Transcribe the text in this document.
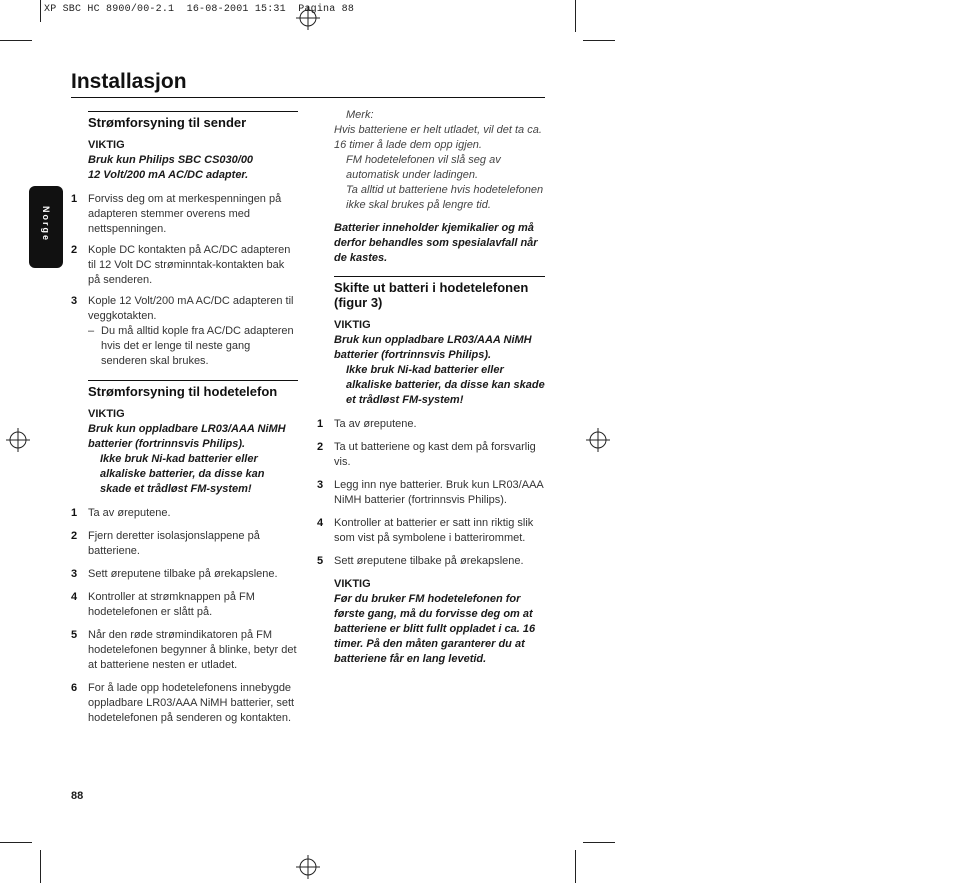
XP SBC HC 8900/00-2.1  16-08-2001 15:31  Pagina 88
Norge
Installasjon
Strømforsyning til sender
VIKTIG
Bruk kun Philips SBC CS030/00
12 Volt/200 mA AC/DC adapter.
1 Forviss deg om at merkespenningen på adapteren stemmer overens med nettspenningen.
2 Kople DC kontakten på AC/DC adapteren til 12 Volt DC strøminntak-kontakten bak på senderen.
3 Kople 12 Volt/200 mA AC/DC adapteren til veggkotakten.
– Du må alltid kople fra AC/DC adapteren hvis det er lenge til neste gang senderen skal brukes.
Strømforsyning til hodetelefon
VIKTIG
Bruk kun oppladbare LR03/AAA NiMH batterier (fortrinnsvis Philips).
Ikke bruk Ni-kad batterier eller alkaliske batterier, da disse kan skade et trådløst FM-system!
1 Ta av øreputene.
2 Fjern deretter isolasjonslappene på batteriene.
3 Sett øreputene tilbake på ørekapslene.
4 Kontroller at strømknappen på FM hodetelefonen er slått på.
5 Når den røde strømindikatoren på FM hodetelefonen begynner å blinke, betyr det at batteriene nesten er utladet.
6 For å lade opp hodetelefonens innebygde oppladbare LR03/AAA NiMH batterier, sett hodetelefonen på senderen og kontakten.
Merk:
Hvis batteriene er helt utladet, vil det ta ca. 16 timer å lade dem opp igjen.
FM hodetelefonen vil slå seg av automatisk under ladingen.
Ta alltid ut batteriene hvis hodetelefonen ikke skal brukes på lengre tid.
Batterier inneholder kjemikalier og må derfor behandles som spesialavfall når de kastes.
Skifte ut batteri i hodetelefonen (figur 3)
VIKTIG
Bruk kun oppladbare LR03/AAA NiMH batterier (fortrinnsvis Philips).
Ikke bruk Ni-kad batterier eller alkaliske batterier, da disse kan skade et trådløst FM-system!
1 Ta av øreputene.
2 Ta ut batteriene og kast dem på forsvarlig vis.
3 Legg inn nye batterier. Bruk kun LR03/AAA NiMH batterier (fortrinnsvis Philips).
4 Kontroller at batterier er satt inn riktig slik som vist på symbolene i batterirommet.
5 Sett øreputene tilbake på ørekapslene.
VIKTIG
Før du bruker FM hodetelefonen for første gang, må du forvisse deg om at batteriene er blitt fullt oppladet i ca. 16 timer. På den måten garanterer du at batteriene får en lang levetid.
88
